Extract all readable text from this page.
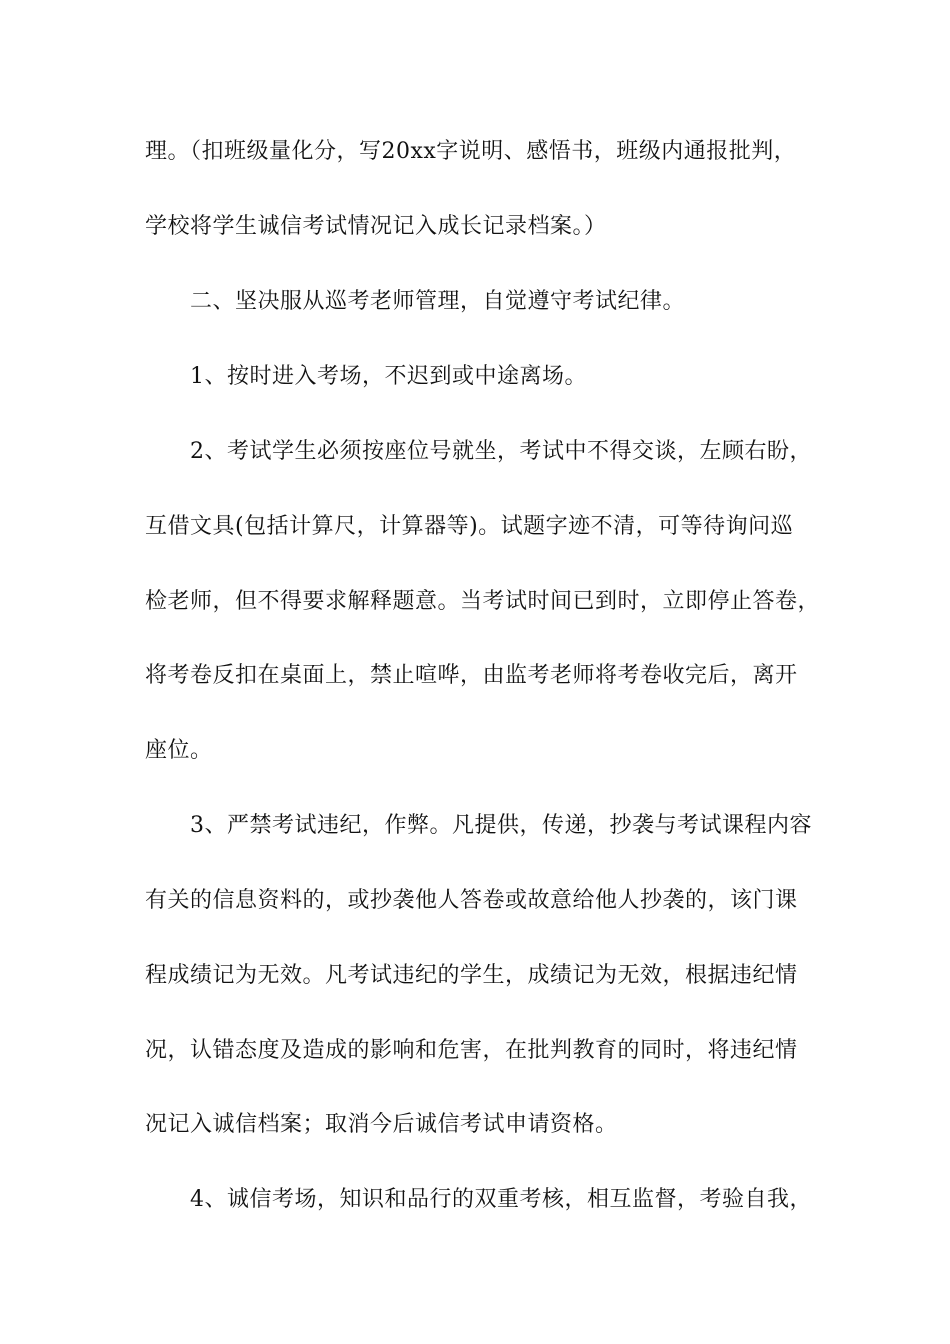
理。（扣班级量化分，写20xx字说明、感悟书，班级内通报批判，
学校将学生诚信考试情况记入成长记录档案。）
二、坚决服从巡考老师管理，自觉遵守考试纪律。
1、按时进入考场，不迟到或中途离场。
2、考试学生必须按座位号就坐，考试中不得交谈，左顾右盼，
互借文具(包括计算尺，计算器等)。试题字迹不清，可等待询问巡
检老师，但不得要求解释题意。当考试时间已到时，立即停止答卷，
将考卷反扣在桌面上，禁止喧哗，由监考老师将考卷收完后，离开
座位。
3、严禁考试违纪，作弊。凡提供，传递，抄袭与考试课程内容
有关的信息资料的，或抄袭他人答卷或故意给他人抄袭的，该门课
程成绩记为无效。凡考试违纪的学生，成绩记为无效，根据违纪情
况，认错态度及造成的影响和危害，在批判教育的同时，将违纪情
况记入诚信档案；取消今后诚信考试申请资格。
4、诚信考场，知识和品行的双重考核，相互监督，考验自我，
